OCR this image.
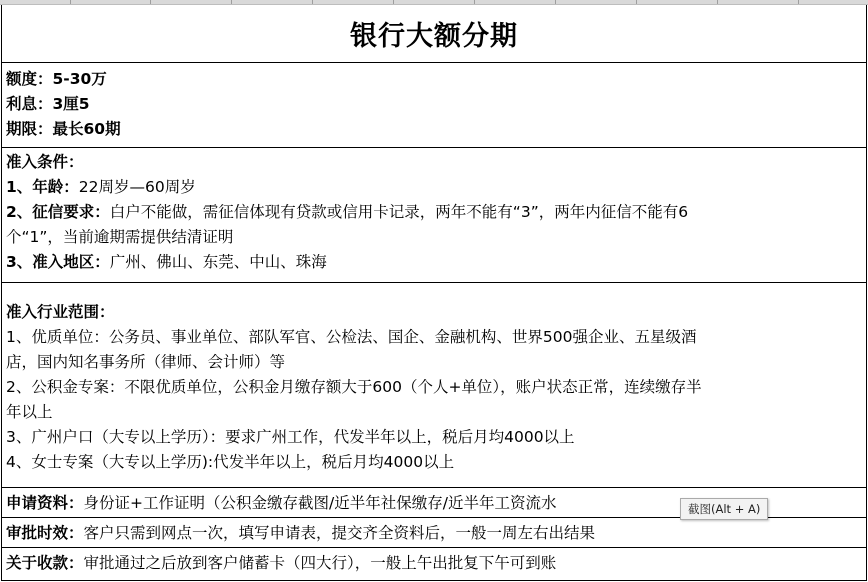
银行大额分期
额度：5-30万
利息：3厘5
期限：最长60期
准入条件：
1、年龄：22周岁—60周岁
2、征信要求：白户不能做，需征信体现有贷款或信用卡记录，两年不能有“3”，两年内征信不能有6
个“1”，当前逾期需提供结清证明
3、准入地区：广州、佛山、东莞、中山、珠海
准入行业范围：
1、优质单位：公务员、事业单位、部队军官、公检法、国企、金融机构、世界500强企业、五星级酒
店，国内知名事务所（律师、会计师）等
2、公积金专案：不限优质单位，公积金月缴存额大于600（个人+单位），账户状态正常，连续缴存半
年以上
3、广州户口（大专以上学历）：要求广州工作，代发半年以上，税后月均4000以上
4、女士专案（大专以上学历):代发半年以上，税后月均4000以上
申请资料：身份证+工作证明（公积金缴存截图/近半年社保缴存/近半年工资流水
审批时效：客户只需到网点一次，填写申请表，提交齐全资料后，一般一周左右出结果
关于收款：审批通过之后放到客户储蓄卡（四大行），一般上午出批复下午可到账
截图(Alt + A)
